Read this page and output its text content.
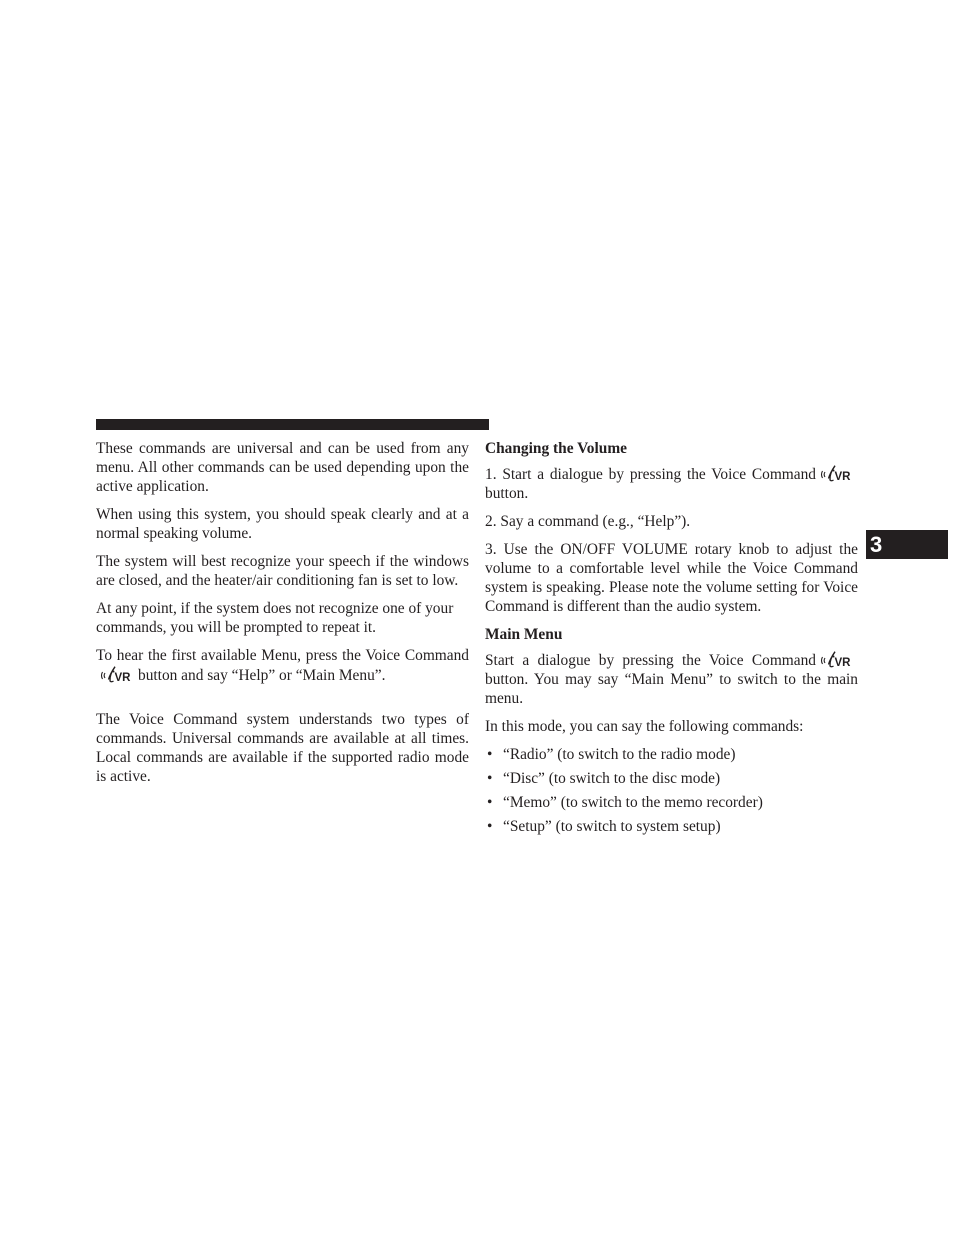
These commands are universal and can be used from any menu. All other commands can be used depending upon the active application.

When using this system, you should speak clearly and at a normal speaking volume.

The system will best recognize your speech if the windows are closed, and the heater/air conditioning fan is set to low.

At any point, if the system does not recognize one of your commands, you will be prompted to repeat it.

To hear the first available Menu, press the Voice Command
button and say “Help” or “Main Menu”.

The Voice Command system understands two types of commands. Universal commands are available at all times. Local commands are available if the supported radio mode is active.

Changing the Volume

1. Start a dialogue by pressing the Voice Command
button.

2. Say a command (e.g., “Help”).

3. Use the ON/OFF VOLUME rotary knob to adjust the volume to a comfortable level while the Voice Command system is speaking. Please note the volume setting for Voice Command is different than the audio system.

Main Menu

Start a dialogue by pressing the Voice Command
button. You may say “Main Menu” to switch to the main menu.

In this mode, you can say the following commands:

• “Radio” (to switch to the radio mode)
• “Disc” (to switch to the disc mode)
• “Memo” (to switch to the memo recorder)
• “Setup” (to switch to system setup)
3
